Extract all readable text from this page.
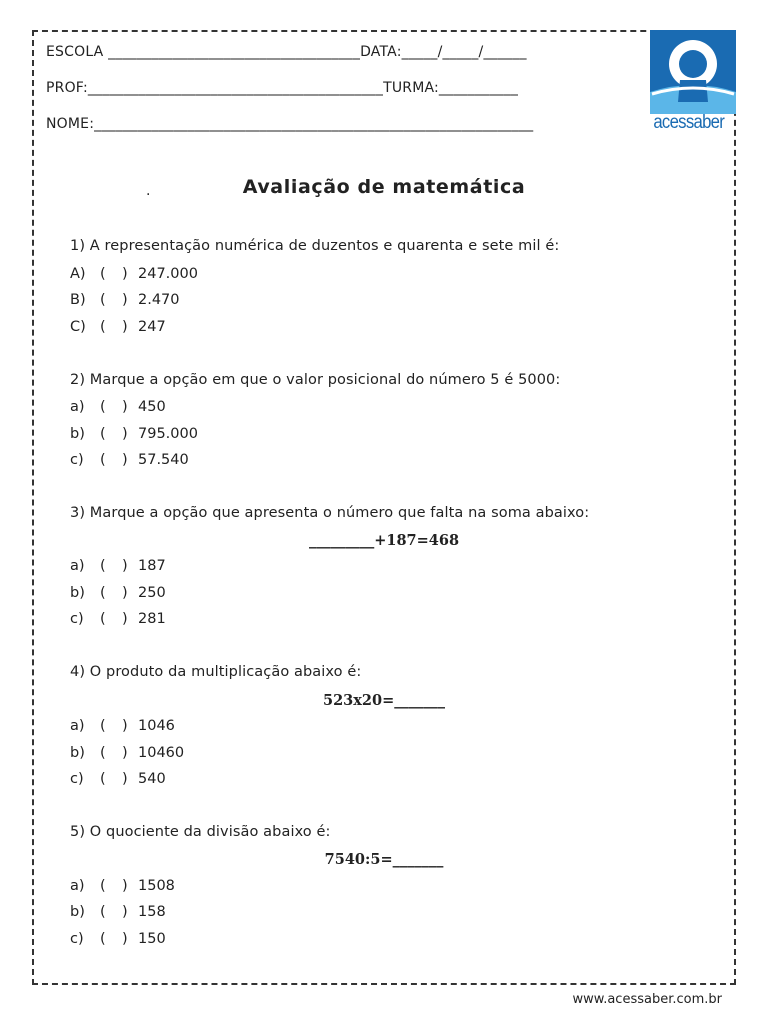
ESCOLA ___________________________________DATA:_____/_____/______
PROF:_________________________________________TURMA:___________
NOME:_____________________________________________________________	acessaber
.	Avaliação de matemática
1) A representação numérica de duzentos e quarenta e sete mil é:
A) ( ) 247.000
B) ( ) 2.470
C) ( ) 247
2) Marque a opção em que o valor posicional do número 5 é 5000:
a) ( ) 450
b) ( ) 795.000
c) ( ) 57.540
3) Marque a opção que apresenta o número que falta na soma abaixo:
_________+187=468
a) ( ) 187
b) ( ) 250
c) ( ) 281
4) O produto da multiplicação abaixo é:
523x20=_______
a) ( ) 1046
b) ( ) 10460
c) ( ) 540
5) O quociente da divisão abaixo é:
7540:5=_______
a) ( ) 1508
b) ( ) 158
c) ( ) 150
www.acessaber.com.br
